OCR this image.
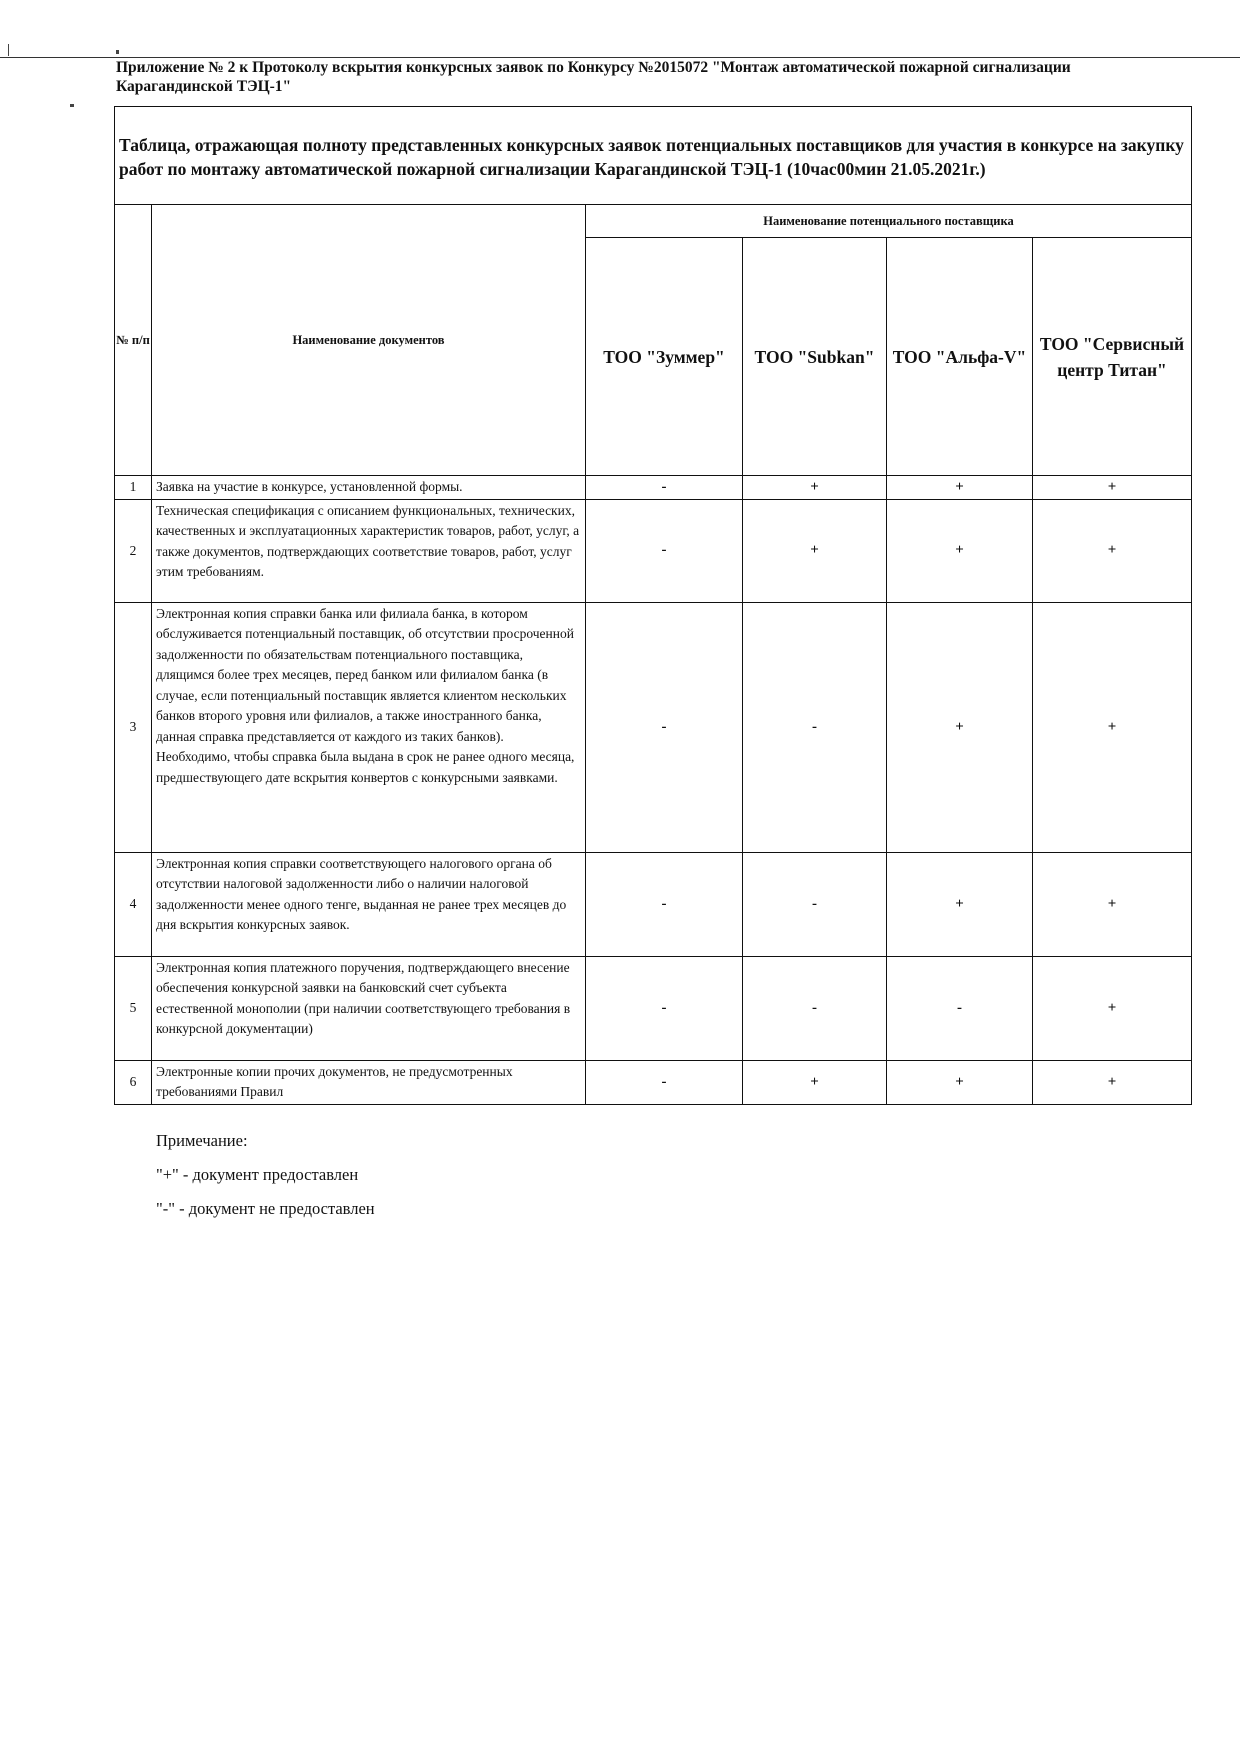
Приложение № 2 к Протоколу вскрытия конкурсных заявок по Конкурсу №2015072 "Монтаж автоматической пожарной сигнализации Карагандинской ТЭЦ-1"
Таблица, отражающая полноту представленных конкурсных заявок потенциальных поставщиков для участия в конкурсе на закупку работ по монтажу автоматической пожарной сигнализации Карагандинской ТЭЦ-1 (10час00мин 21.05.2021г.)					
№ п/п	Наименование документов	Наименование потенциального поставщика			
		ТОО "Зуммер"	ТОО "Subkan"	ТОО "Альфа-V"	ТОО "Сервисный центр Титан"
1	Заявка на участие в конкурсе, установленной формы.	-	+	+	+
2	Техническая спецификация с описанием функциональных, технических, качественных и эксплуатационных характеристик товаров, работ, услуг, а также документов, подтверждающих соответствие товаров, работ, услуг этим требованиям.	-	+	+	+
3	Электронная копия справки банка или филиала банка, в котором обслуживается потенциальный поставщик, об отсутствии просроченной задолженности по обязательствам потенциального поставщика, длящимся более трех месяцев, перед банком или филиалом банка (в случае, если потенциальный поставщик является клиентом нескольких банков второго уровня или филиалов, а также иностранного банка, данная справка представляется от каждого из таких банков). Необходимо, чтобы справка была выдана в срок не ранее одного месяца, предшествующего дате вскрытия конвертов с конкурсными заявками.	-	-	+	+
4	Электронная копия справки соответствующего налогового органа об отсутствии налоговой задолженности либо о наличии налоговой задолженности менее одного тенге, выданная не ранее трех месяцев до дня вскрытия конкурсных заявок.	-	-	+	+
5	Электронная копия платежного поручения, подтверждающего внесение обеспечения конкурсной заявки на банковский счет субъекта естественной монополии (при наличии соответствующего требования в конкурсной документации)	-	-	-	+
6	Электронные копии прочих документов, не предусмотренных требованиями Правил	-	+	+	+
Примечание:
"+" - документ предоставлен
"-" - документ не предоставлен
